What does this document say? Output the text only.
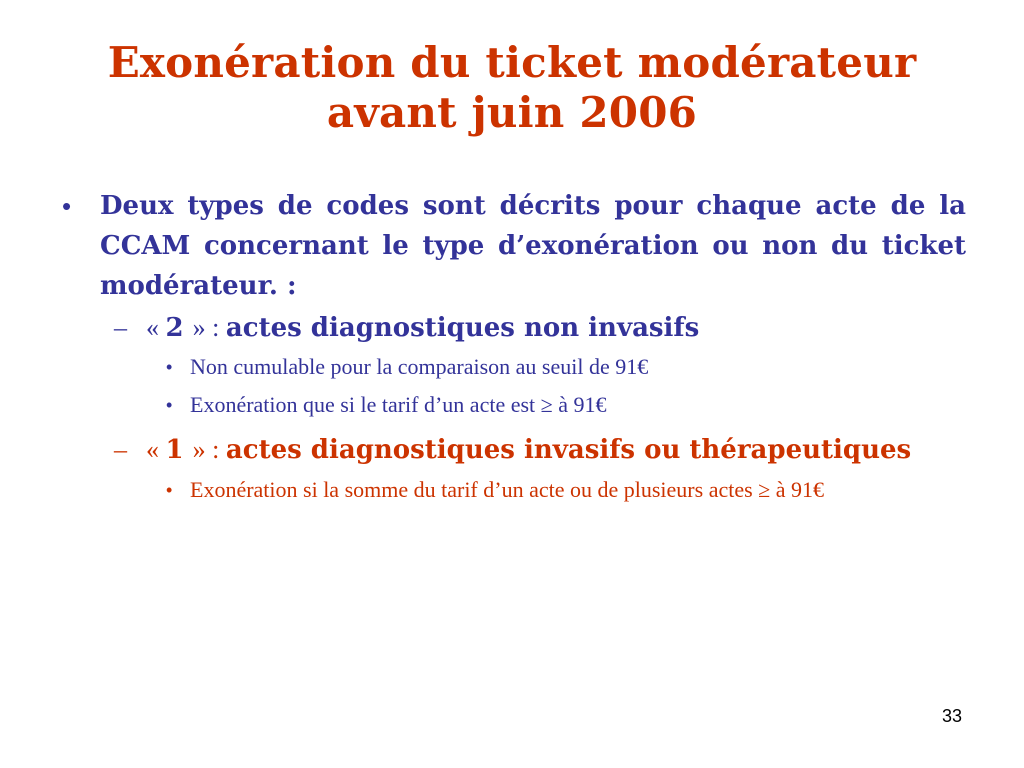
Exonération du ticket modérateur
avant juin 2006
• Deux types de codes sont décrits pour chaque acte de la CCAM concernant le type d’exonération ou non du ticket modérateur. :
– « 2 » : actes diagnostiques non invasifs
• Non cumulable pour la comparaison au seuil de 91€
• Exonération que si le tarif d’un acte est ≥ à 91€
– « 1 » : actes diagnostiques invasifs ou thérapeutiques
• Exonération si la somme du tarif d’un acte ou de plusieurs actes ≥ à 91€
33
